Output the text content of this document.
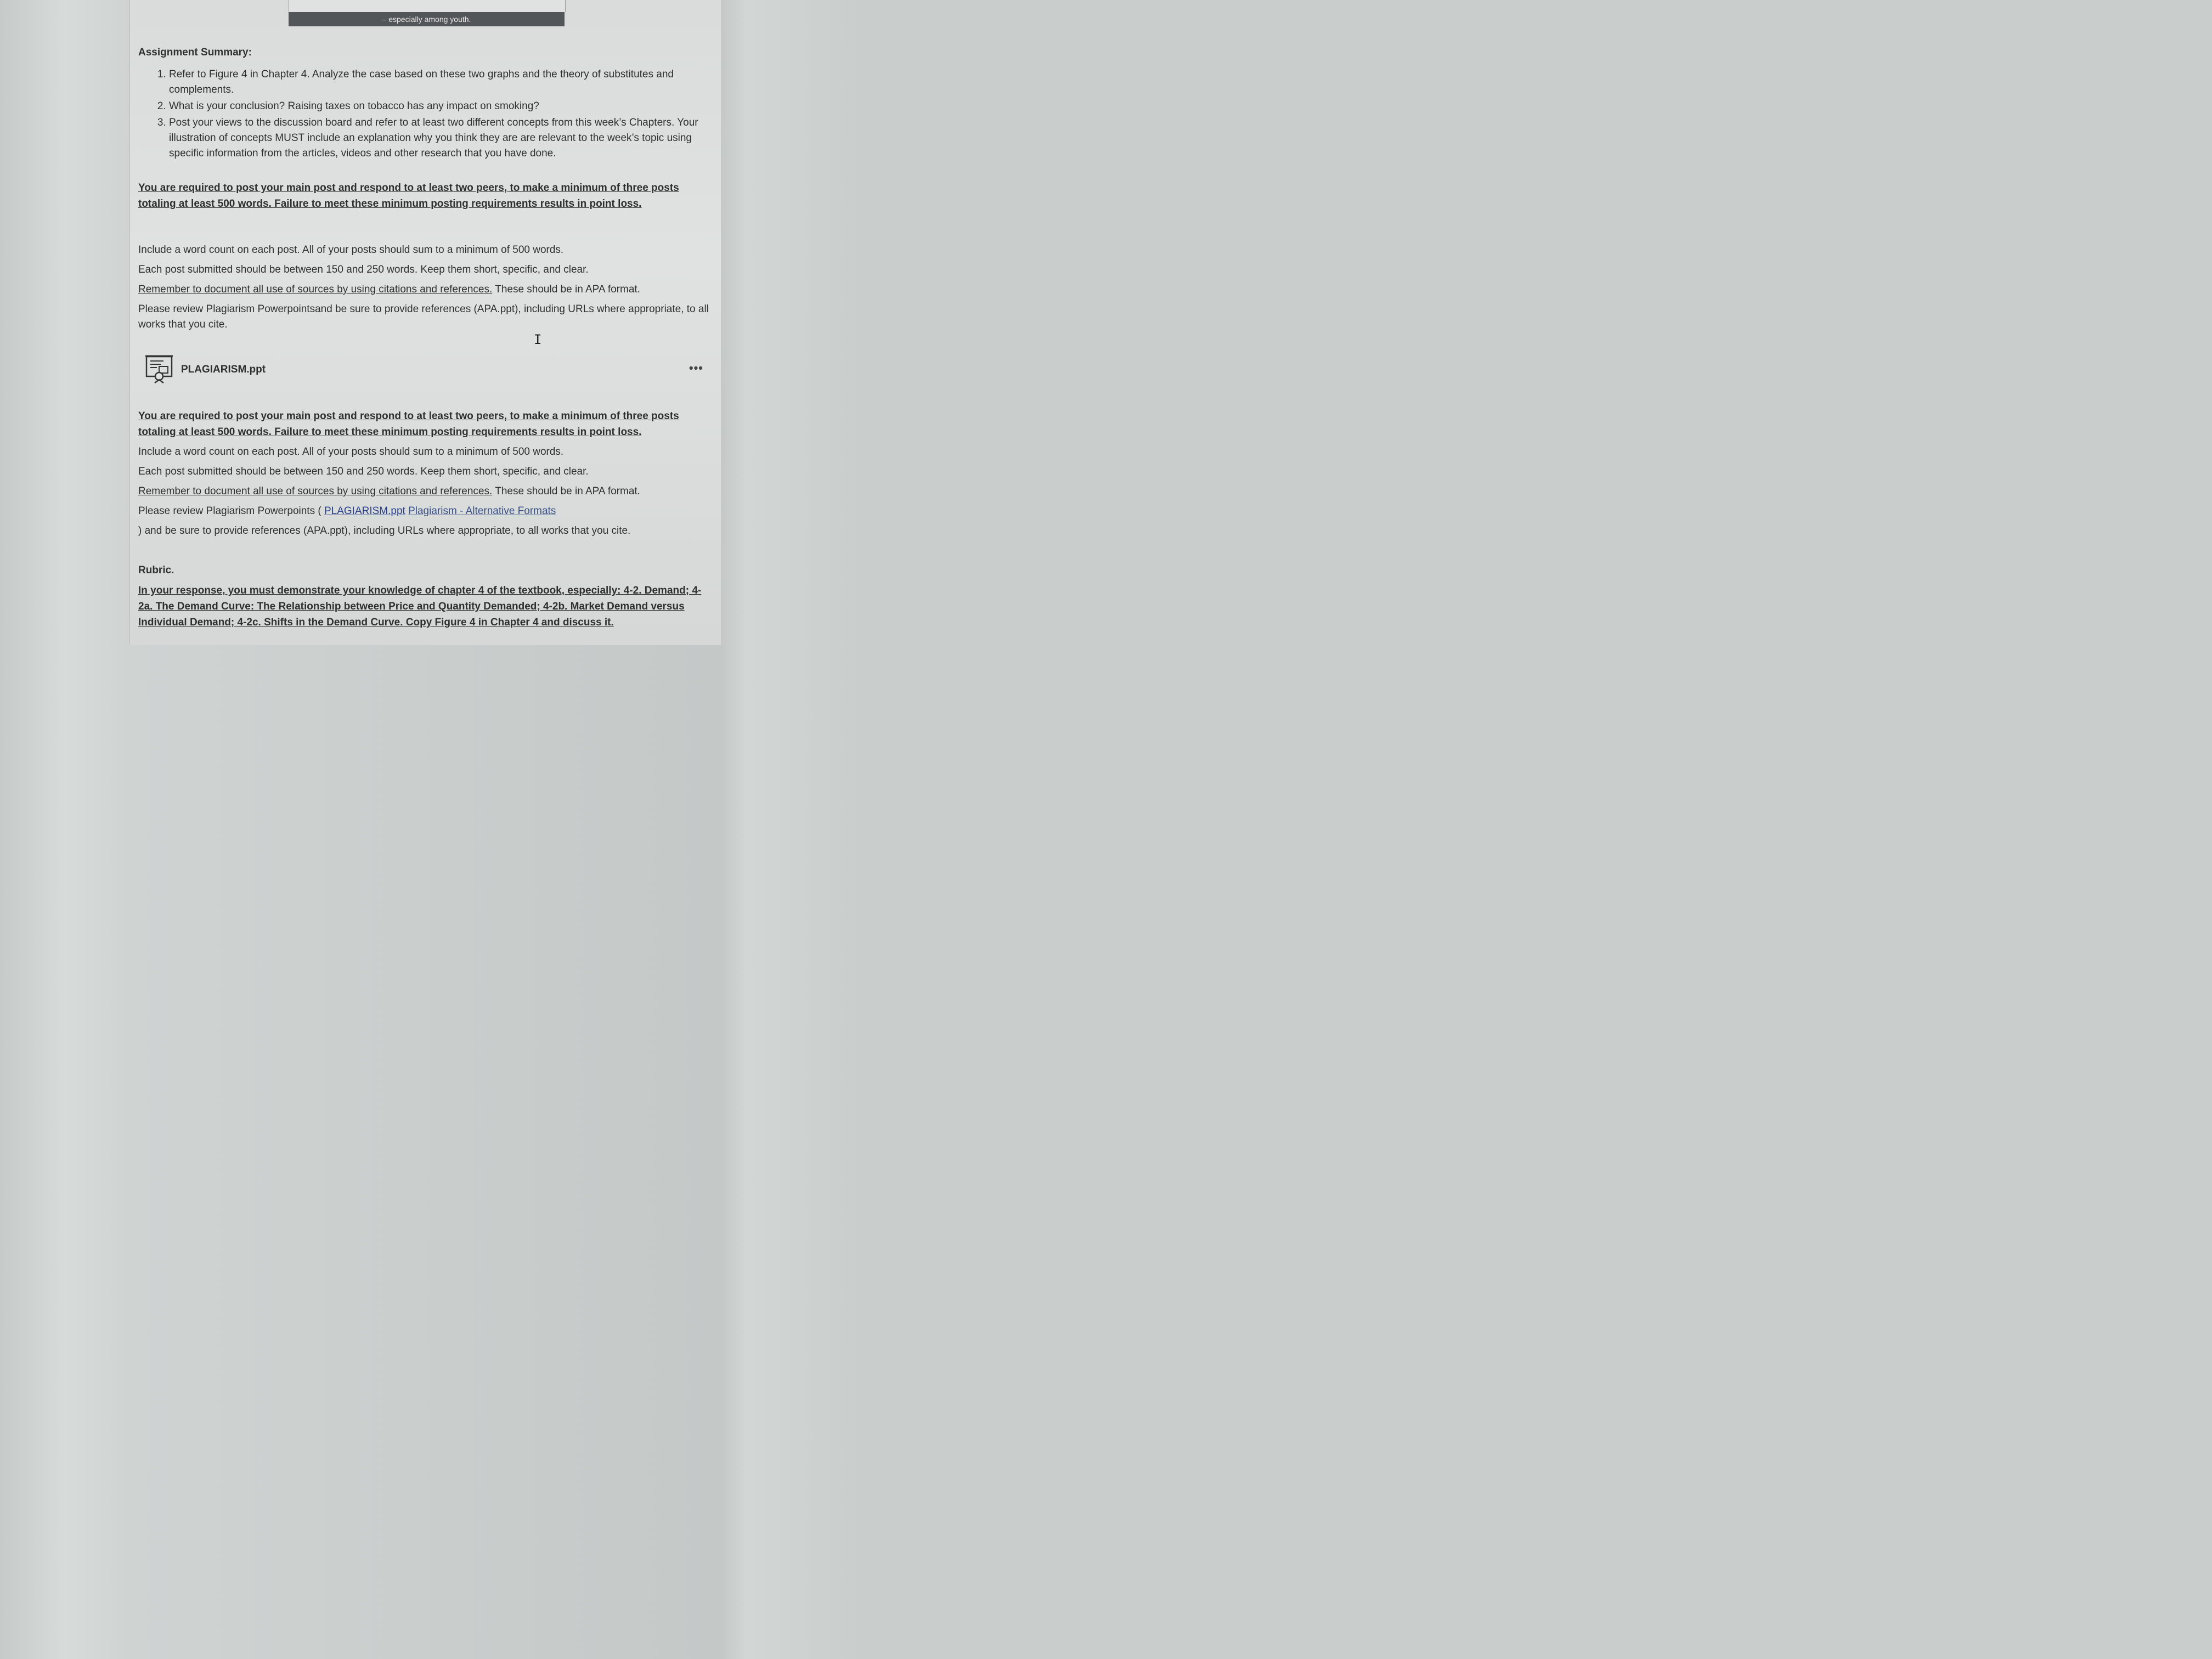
– especially among youth.

Assignment Summary:

1. Refer to Figure 4 in Chapter 4. Analyze the case based on these two graphs and the theory of substitutes and complements.
2. What is your conclusion? Raising taxes on tobacco has any impact on smoking?
3. Post your views to the discussion board and refer to at least two different concepts from this week’s Chapters. Your illustration of concepts MUST include an explanation why you think they are are relevant to the week’s topic using specific information from the articles, videos and other research that you have done.

You are required to post your main post and respond to at least two peers, to make a minimum of three posts totaling at least 500 words. Failure to meet these minimum posting requirements results in point loss.

Include a word count on each post. All of your posts should sum to a minimum of 500 words.

Each post submitted should be between 150 and 250 words. Keep them short, specific, and clear.

Remember to document all use of sources by using citations and references. These should be in APA format.

Please review Plagiarism Powerpointsand be sure to provide references (APA.ppt), including URLs where appropriate, to all works that you cite.

PLAGIARISM.ppt	•••

You are required to post your main post and respond to at least two peers, to make a minimum of three posts totaling at least 500 words. Failure to meet these minimum posting requirements results in point loss.

Include a word count on each post. All of your posts should sum to a minimum of 500 words.

Each post submitted should be between 150 and 250 words. Keep them short, specific, and clear.

Remember to document all use of sources by using citations and references. These should be in APA format.

Please review Plagiarism Powerpoints ( PLAGIARISM.ppt Plagiarism - Alternative Formats

) and be sure to provide references (APA.ppt), including URLs where appropriate, to all works that you cite.

Rubric.

In your response, you must demonstrate your knowledge of chapter 4 of the textbook, especially: 4-2. Demand; 4-2a. The Demand Curve: The Relationship between Price and Quantity Demanded; 4-2b. Market Demand versus Individual Demand; 4-2c. Shifts in the Demand Curve. Copy Figure 4 in Chapter 4 and discuss it.

I
